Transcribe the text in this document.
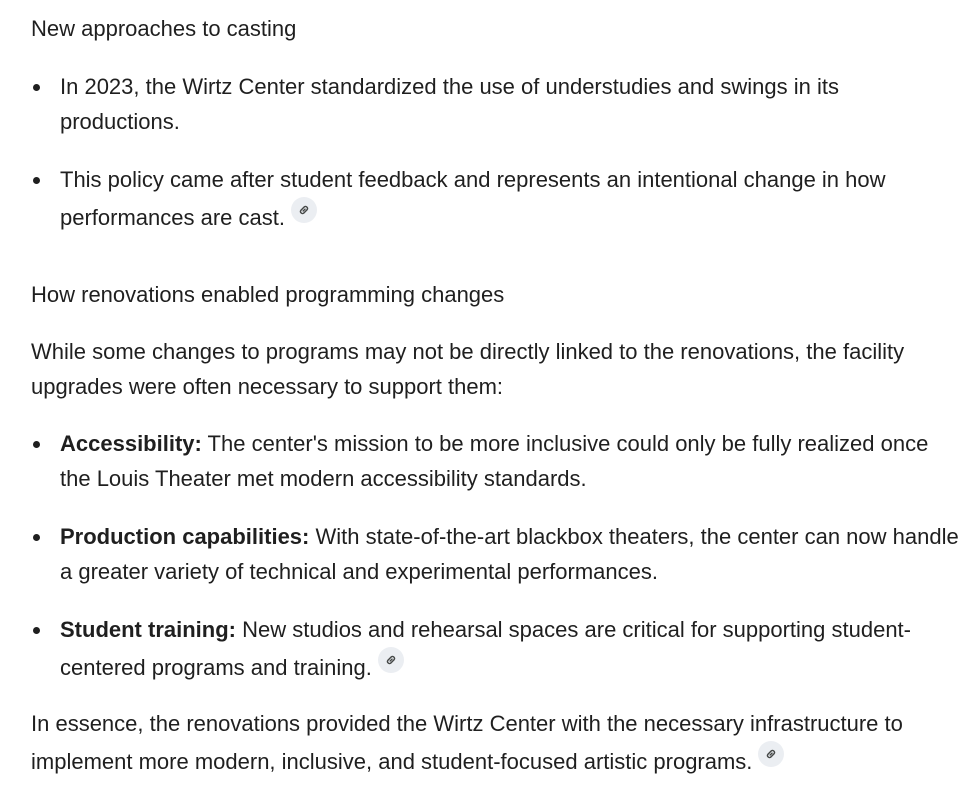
New approaches to casting
In 2023, the Wirtz Center standardized the use of understudies and swings in its productions.
This policy came after student feedback and represents an intentional change in how performances are cast.
How renovations enabled programming changes

While some changes to programs may not be directly linked to the renovations, the facility upgrades were often necessary to support them:

Accessibility: The center's mission to be more inclusive could only be fully realized once the Louis Theater met modern accessibility standards.
Production capabilities: With state-of-the-art blackbox theaters, the center can now handle a greater variety of technical and experimental performances.
Student training: New studios and rehearsal spaces are critical for supporting student-centered programs and training.

In essence, the renovations provided the Wirtz Center with the necessary infrastructure to implement more modern, inclusive, and student-focused artistic programs.
